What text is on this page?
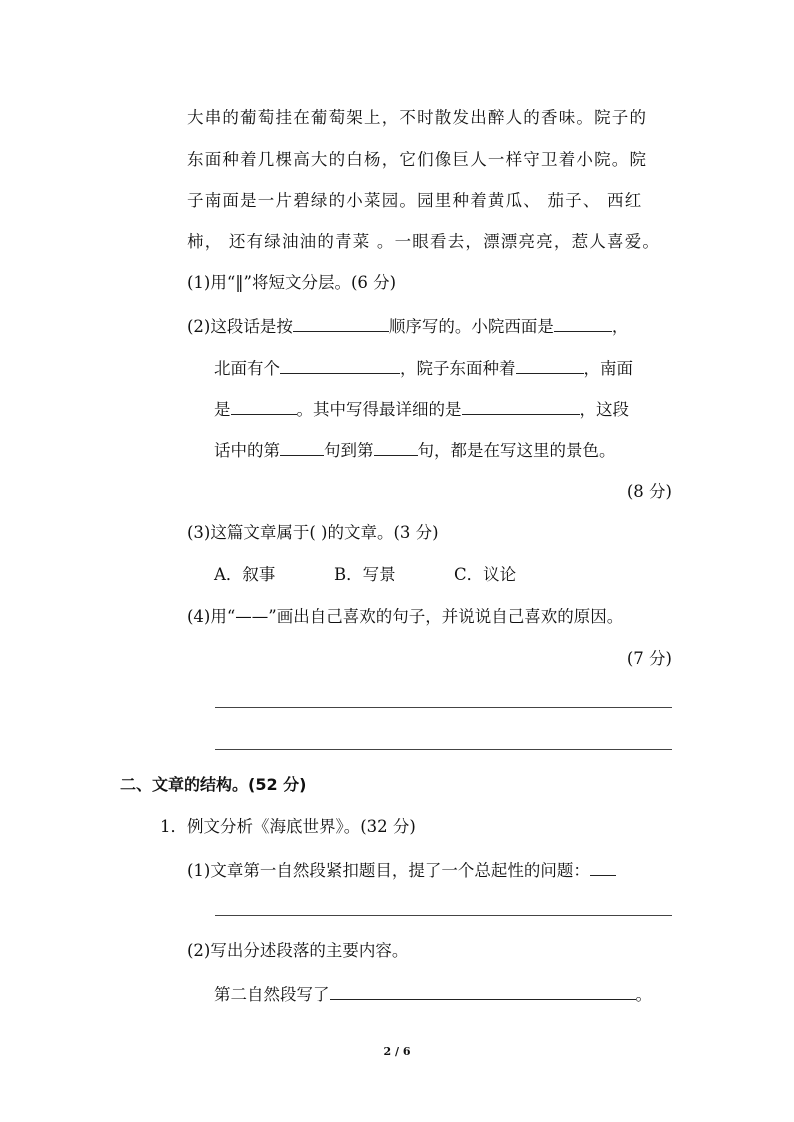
大串的葡萄挂在葡萄架上，不时散发出醉人的香味。院子的
东面种着几棵高大的白杨，它们像巨人一样守卫着小院。院
子南面是一片碧绿的小菜园。园里种着黄瓜、 茄子、 西红
柿， 还有绿油油的青菜 。一眼看去，漂漂亮亮，惹人喜爱。
(1)用“‖”将短文分层。(6 分)
(2)这段话是按	顺序写的。小院西面是	，
北面有个	，院子东面种着	，南面
是	。其中写得最详细的是	，这段
话中的第	句到第	句，都是在写这里的景色。
(8 分)
(3)这篇文章属于( )的文章。(3 分)
A．叙事	B．写景	C．议论
(4)用“——”画出自己喜欢的句子，并说说自己喜欢的原因。
(7 分)
二、文章的结构。(52 分)
1．例文分析《海底世界》。(32 分)
(1)文章第一自然段紧扣题目，提了一个总起性的问题：
(2)写出分述段落的主要内容。
第二自然段写了	。
2 / 6
